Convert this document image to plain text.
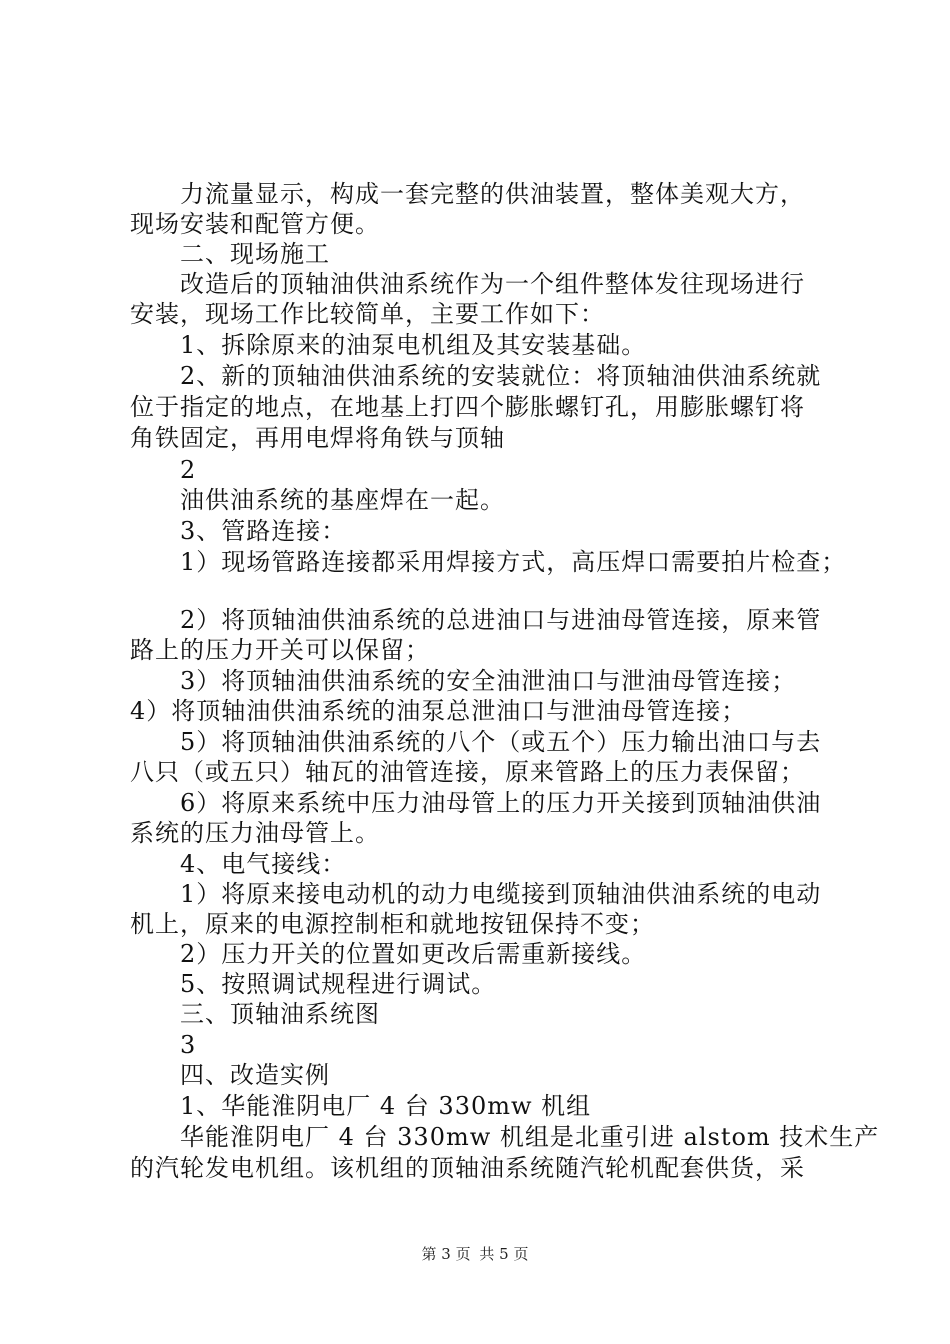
力流量显示，构成一套完整的供油装置，整体美观大方，
现场安装和配管方便。
二、现场施工
改造后的顶轴油供油系统作为一个组件整体发往现场进行
安装，现场工作比较简单，主要工作如下：
1、拆除原来的油泵电机组及其安装基础。
2、新的顶轴油供油系统的安装就位：将顶轴油供油系统就
位于指定的地点，在地基上打四个膨胀螺钉孔，用膨胀螺钉将
角铁固定，再用电焊将角铁与顶轴
2
油供油系统的基座焊在一起。
3、管路连接：
1）现场管路连接都采用焊接方式，高压焊口需要拍片检查；
2）将顶轴油供油系统的总进油口与进油母管连接，原来管
路上的压力开关可以保留；
3）将顶轴油供油系统的安全油泄油口与泄油母管连接；
4）将顶轴油供油系统的油泵总泄油口与泄油母管连接；
5）将顶轴油供油系统的八个（或五个）压力输出油口与去
八只（或五只）轴瓦的油管连接，原来管路上的压力表保留；
6）将原来系统中压力油母管上的压力开关接到顶轴油供油
系统的压力油母管上。
4、电气接线：
1）将原来接电动机的动力电缆接到顶轴油供油系统的电动
机上，原来的电源控制柜和就地按钮保持不变；
2）压力开关的位置如更改后需重新接线。
5、按照调试规程进行调试。
三、顶轴油系统图
3
四、改造实例
1、华能淮阴电厂 4 台 330mw 机组
华能淮阴电厂 4 台 330mw 机组是北重引进 alstom 技术生产
的汽轮发电机组。该机组的顶轴油系统随汽轮机配套供货，采
第 3 页 共 5 页
